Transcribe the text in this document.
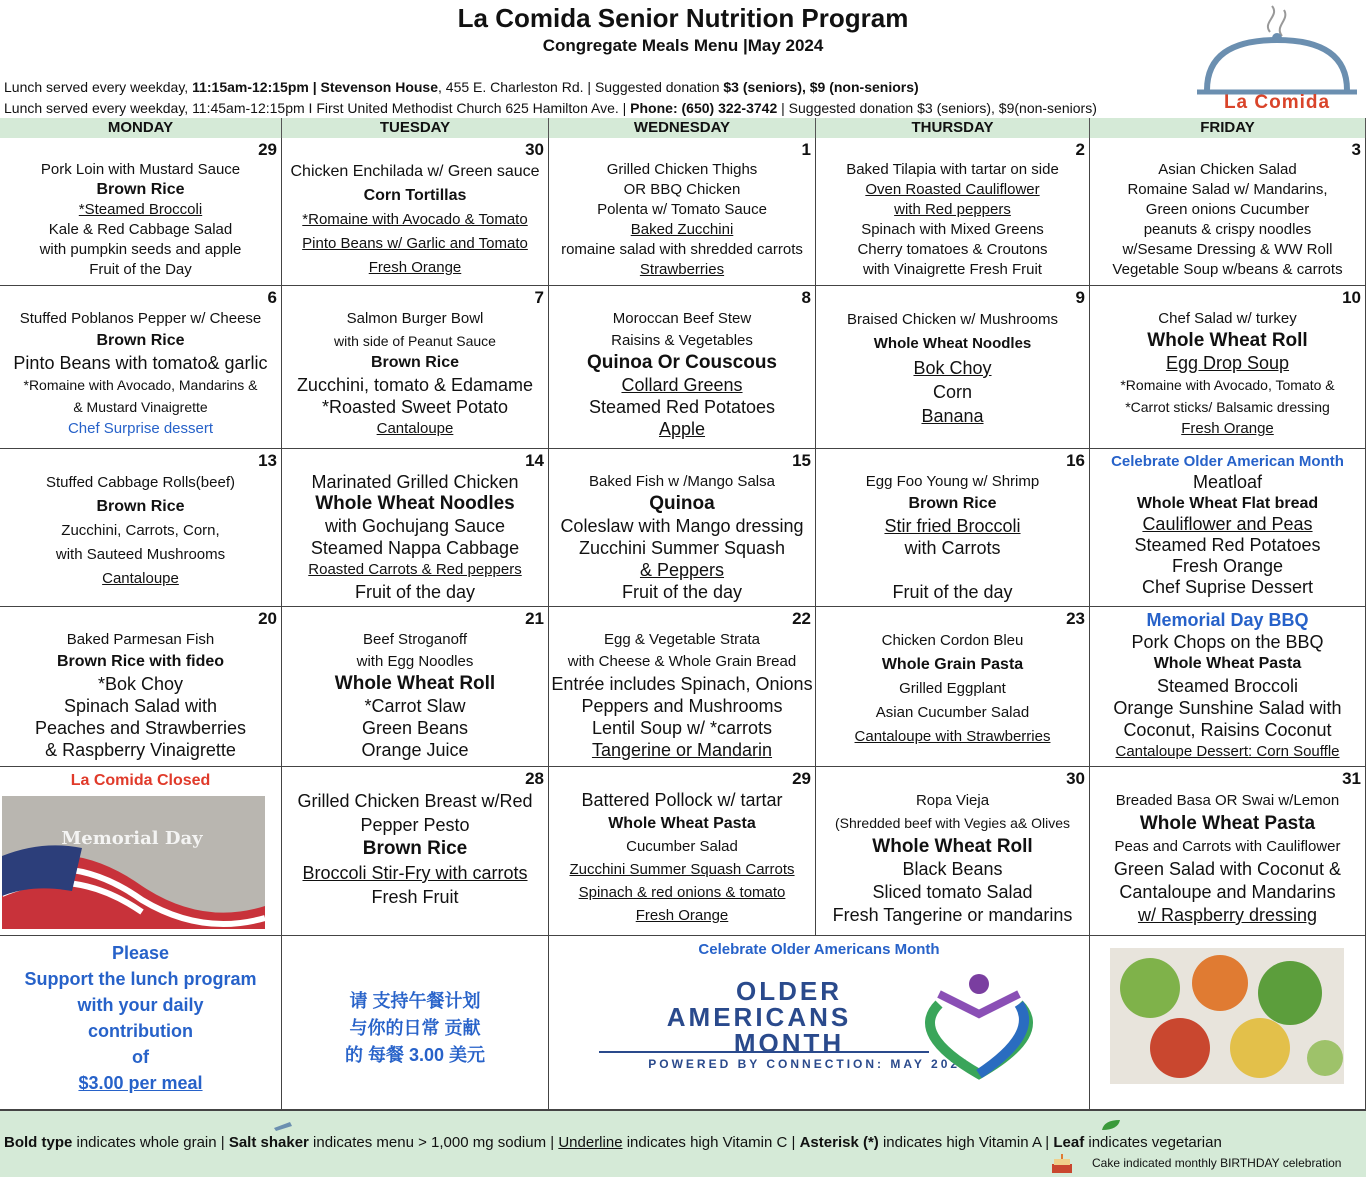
La Comida Senior Nutrition Program
Congregate Meals Menu |May 2024
Lunch served every weekday, 11:15am-12:15pm | Stevenson House, 455 E. Charleston Rd. | Suggested donation $3 (seniors), $9 (non-seniors)
Lunch served every weekday, 11:45am-12:15pm I First United Methodist Church 625 Hamilton Ave. | Phone: (650) 322-3742 | Suggested donation $3 (seniors), $9(non-seniors)	La Comida
MONDAY	TUESDAY	WEDNESDAY	THURSDAY	FRIDAY
29
Pork Loin with Mustard Sauce
Brown Rice
*Steamed Broccoli
Kale & Red Cabbage Salad
with pumpkin seeds and apple
Fruit of the Day
30
Chicken Enchilada w/ Green sauce
Corn Tortillas
*Romaine with Avocado & Tomato
Pinto Beans w/ Garlic and Tomato
Fresh Orange
1
Grilled Chicken Thighs
OR BBQ Chicken
Polenta w/ Tomato Sauce
Baked Zucchini
romaine salad with shredded carrots
Strawberries
2
Baked Tilapia with tartar on side
Oven Roasted Cauliflower
with Red peppers
Spinach with Mixed Greens
Cherry tomatoes & Croutons
with Vinaigrette Fresh Fruit
3
Asian Chicken Salad
Romaine Salad w/ Mandarins,
Green onions Cucumber
peanuts & crispy noodles
w/Sesame Dressing & WW Roll
Vegetable Soup w/beans & carrots
6
Stuffed Poblanos Pepper w/ Cheese
Brown Rice
Pinto Beans with tomato& garlic
*Romaine with Avocado, Mandarins &
& Mustard Vinaigrette
Chef Surprise dessert
7
Salmon Burger Bowl
with side of Peanut Sauce
Brown Rice
Zucchini, tomato & Edamame
*Roasted Sweet Potato
Cantaloupe
8
Moroccan Beef Stew
Raisins & Vegetables
Quinoa Or Couscous
Collard Greens
Steamed Red Potatoes
Apple
9
Braised Chicken w/ Mushrooms
Whole Wheat Noodles
Bok Choy
Corn
Banana
10
Chef Salad w/ turkey
Whole Wheat Roll
Egg Drop Soup
*Romaine with Avocado, Tomato &
*Carrot sticks/ Balsamic dressing
Fresh Orange
13
Stuffed Cabbage Rolls(beef)
Brown Rice
Zucchini, Carrots, Corn,
with Sauteed Mushrooms
Cantaloupe
14
Marinated Grilled Chicken
Whole Wheat Noodles
with Gochujang Sauce
Steamed Nappa Cabbage
Roasted Carrots & Red peppers
Fruit of the day
15
Baked Fish w /Mango Salsa
Quinoa
Coleslaw with Mango dressing
Zucchini Summer Squash
& Peppers
Fruit of the day
16
Egg Foo Young w/ Shrimp
Brown Rice
Stir fried Broccoli
with Carrots
Fruit of the day
Celebrate Older American Month
Meatloaf
Whole Wheat Flat bread
Cauliflower and Peas
Steamed Red Potatoes
Fresh Orange
Chef Suprise Dessert
20
Baked Parmesan Fish
Brown Rice with fideo
*Bok Choy
Spinach Salad with
Peaches and Strawberries
& Raspberry Vinaigrette
21
Beef Stroganoff
with Egg Noodles
Whole Wheat Roll
*Carrot Slaw
Green Beans
Orange Juice
22
Egg & Vegetable Strata
with Cheese & Whole Grain Bread
Entrée includes Spinach, Onions
Peppers and Mushrooms
Lentil Soup w/ *carrots
Tangerine or Mandarin
23
Chicken Cordon Bleu
Whole Grain Pasta
Grilled Eggplant
Asian Cucumber Salad
Cantaloupe with Strawberries
Memorial Day BBQ
Pork Chops on the BBQ
Whole Wheat Pasta
Steamed Broccoli
Orange Sunshine Salad with
Coconut, Raisins Coconut
Cantaloupe Dessert: Corn Souffle
La Comida Closed	28
Grilled Chicken Breast w/Red
Pepper Pesto
Brown Rice
Broccoli Stir-Fry with carrots
Fresh Fruit
29
Battered Pollock w/ tartar
Whole Wheat Pasta
Cucumber Salad
Zucchini Summer Squash Carrots
Spinach & red onions & tomato
Fresh Orange
30
Ropa Vieja
(Shredded beef with Vegies a& Olives
Whole Wheat Roll
Black Beans
Sliced tomato Salad
Fresh Tangerine or mandarins
31
Breaded Basa OR Swai w/Lemon
Whole Wheat Pasta
Peas and Carrots with Cauliflower
Green Salad with Coconut &
Cantaloupe and Mandarins
w/ Raspberry dressing
Memorial Day
Please
Support the lunch program
with your daily
contribution
of
$3.00 per meal
请 支持午餐计划
与你的日常 贡献
的 每餐 3.00 美元
Celebrate Older Americans Month
OLDER
AMERICANS
MONTH
POWERED BY CONNECTION: MAY 2024
Bold type indicates whole grain | Salt shaker indicates menu > 1,000 mg sodium | Underline indicates high Vitamin C | Asterisk (*) indicates high Vitamin A | Leaf indicates vegetarian
Cake indicated monthly BIRTHDAY celebration
